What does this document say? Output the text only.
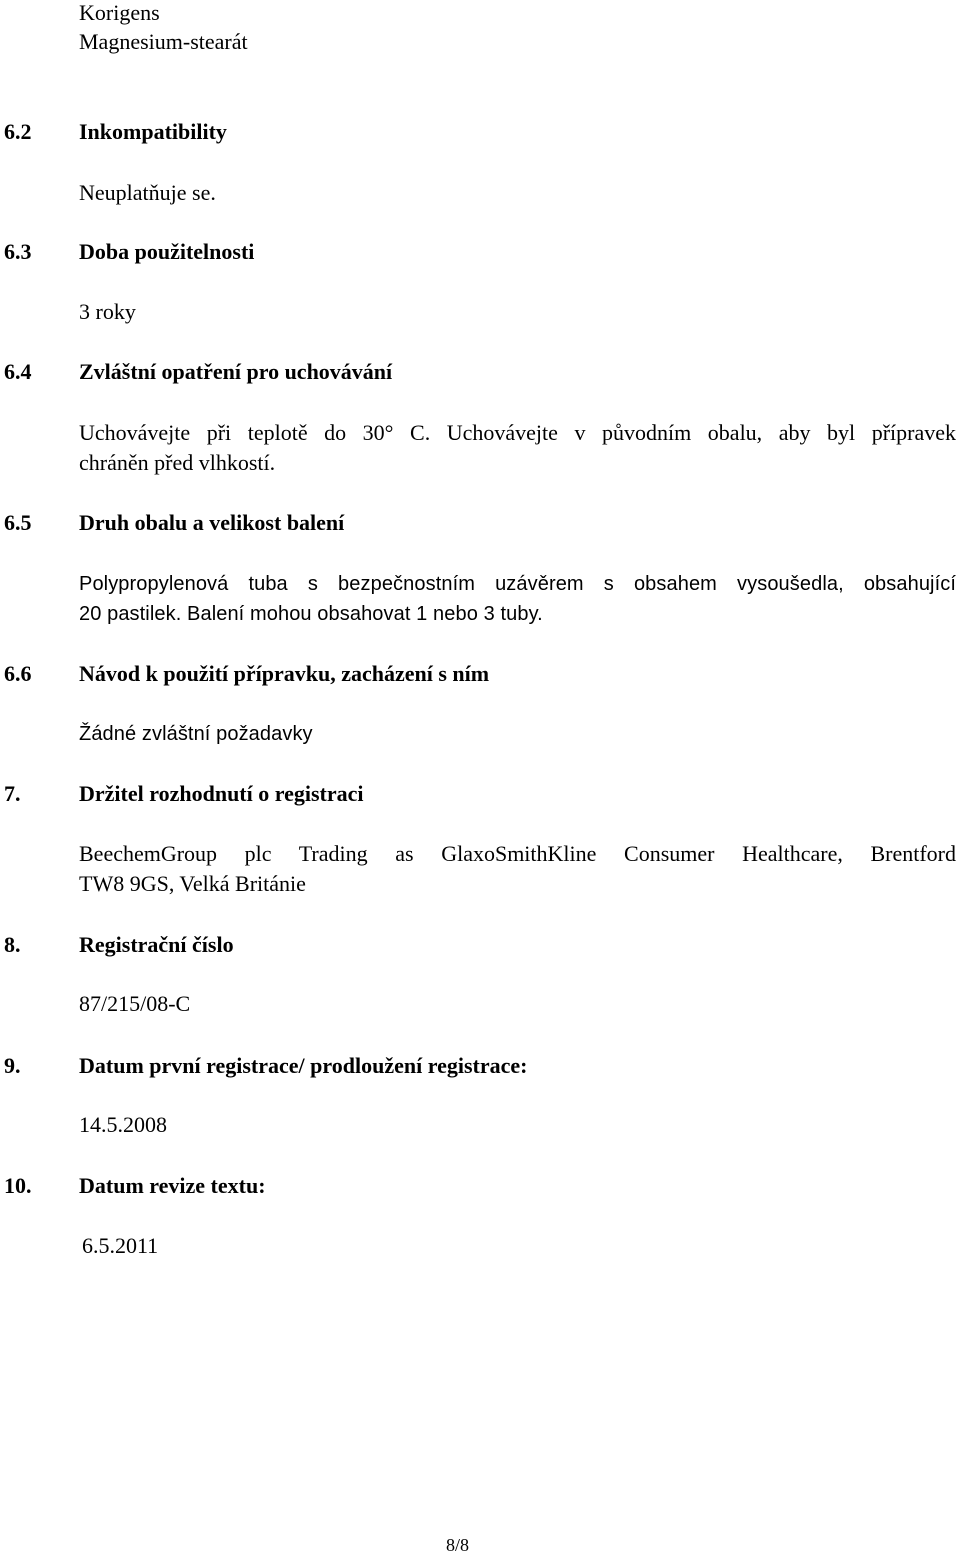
Korigens
Magnesium-stearát
6.2 Inkompatibility
Neuplatňuje se.
6.3 Doba použitelnosti
3 roky
6.4 Zvláštní opatření pro uchovávání
Uchovávejte při teplotě do 30° C. Uchovávejte v původním obalu, aby byl přípravek
chráněn před vlhkostí.
6.5 Druh obalu a velikost balení
Polypropylenová tuba s bezpečnostním uzávěrem s obsahem vysoušedla, obsahující
20 pastilek. Balení mohou obsahovat 1 nebo 3 tuby.
6.6 Návod k použití přípravku, zacházení s ním
Žádné zvláštní požadavky
7.	Držitel rozhodnutí o registraci
BeechemGroup plc Trading as GlaxoSmithKline Consumer Healthcare, Brentford
TW8 9GS, Velká Británie
8.	Registrační číslo
87/215/08-C
9.	Datum první registrace/ prodloužení registrace:
14.5.2008
10. Datum revize textu:
6.5.2011
8/8
